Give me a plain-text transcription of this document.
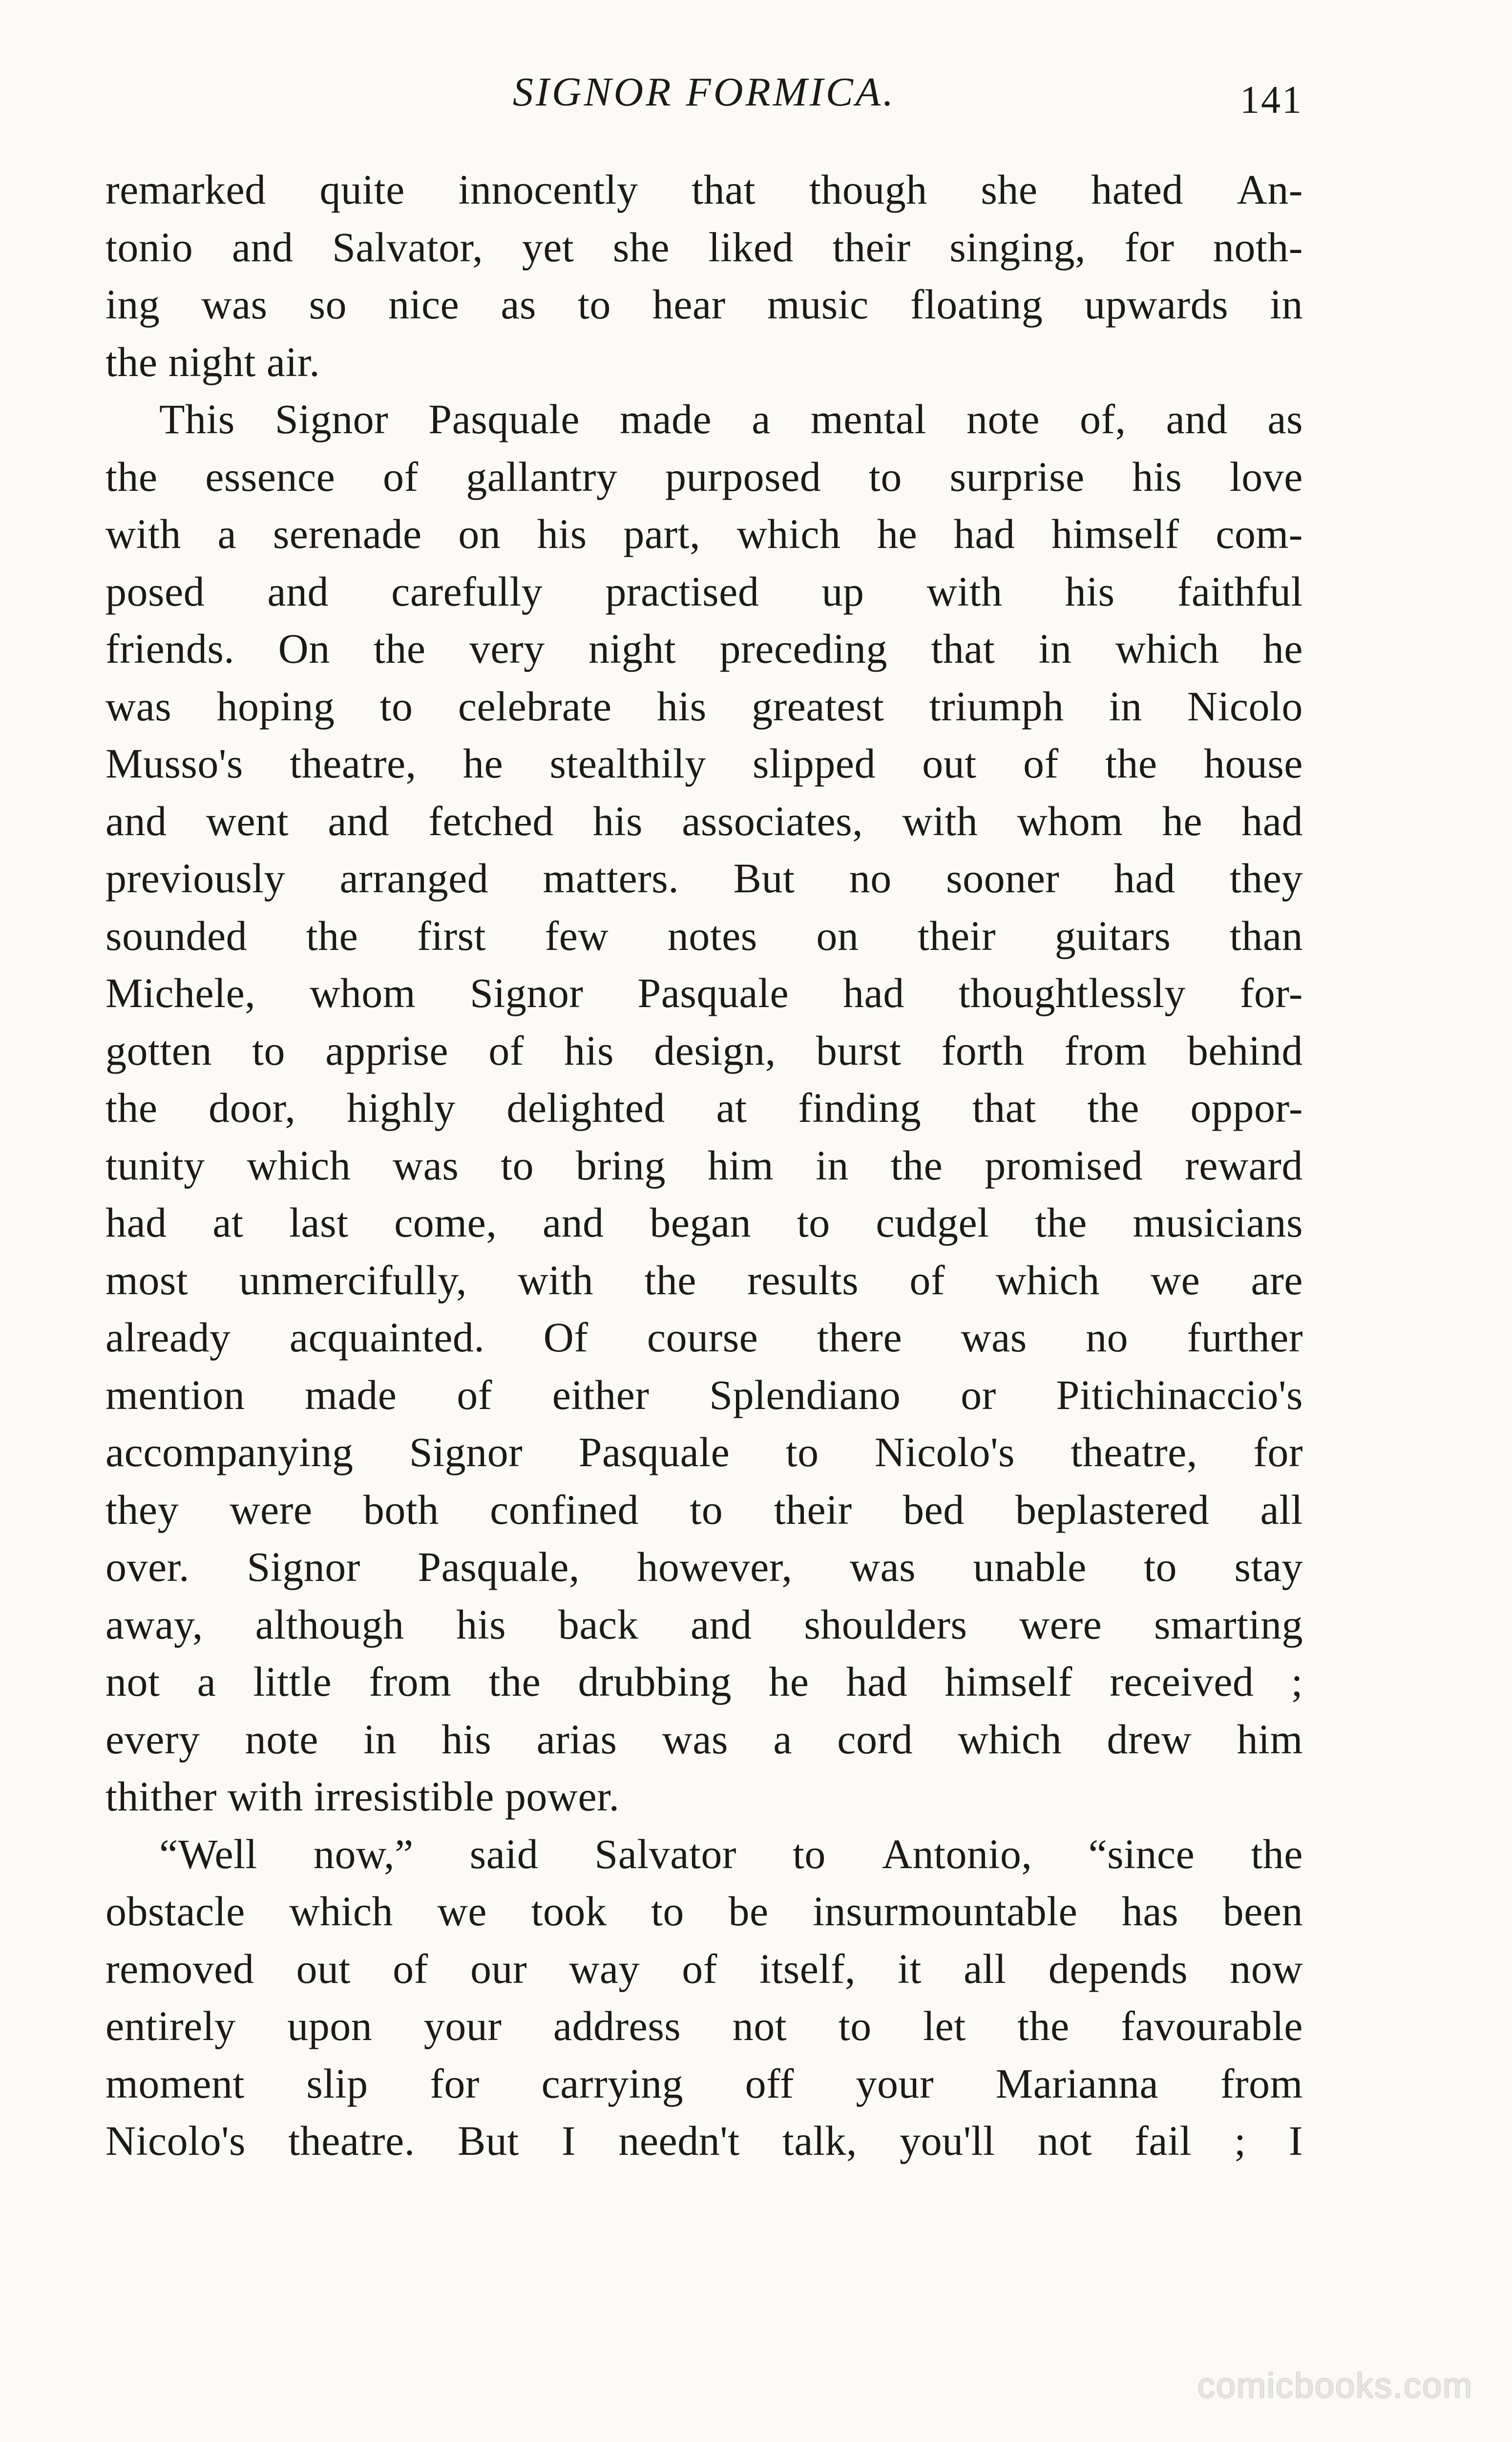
SIGNOR FORMICA.	141
remarked quite innocently that though she hated An-
tonio and Salvator, yet she liked their singing, for noth-
ing was so nice as to hear music floating upwards in
the night air.
This Signor Pasquale made a mental note of, and as
the essence of gallantry purposed to surprise his love
with a serenade on his part, which he had himself com-
posed and carefully practised up with his faithful
friends. On the very night preceding that in which he
was hoping to celebrate his greatest triumph in Nicolo
Musso's theatre, he stealthily slipped out of the house
and went and fetched his associates, with whom he had
previously arranged matters. But no sooner had they
sounded the first few notes on their guitars than
Michele, whom Signor Pasquale had thoughtlessly for-
gotten to apprise of his design, burst forth from behind
the door, highly delighted at finding that the oppor-
tunity which was to bring him in the promised reward
had at last come, and began to cudgel the musicians
most unmercifully, with the results of which we are
already acquainted. Of course there was no further
mention made of either Splendiano or Pitichinaccio's
accompanying Signor Pasquale to Nicolo's theatre, for
they were both confined to their bed beplastered all
over. Signor Pasquale, however, was unable to stay
away, although his back and shoulders were smarting
not a little from the drubbing he had himself received ;
every note in his arias was a cord which drew him
thither with irresistible power.
“Well now,” said Salvator to Antonio, “since the
obstacle which we took to be insurmountable has been
removed out of our way of itself, it all depends now
entirely upon your address not to let the favourable
moment slip for carrying off your Marianna from
Nicolo's theatre. But I needn't talk, you'll not fail ; I
comicbooks.com
